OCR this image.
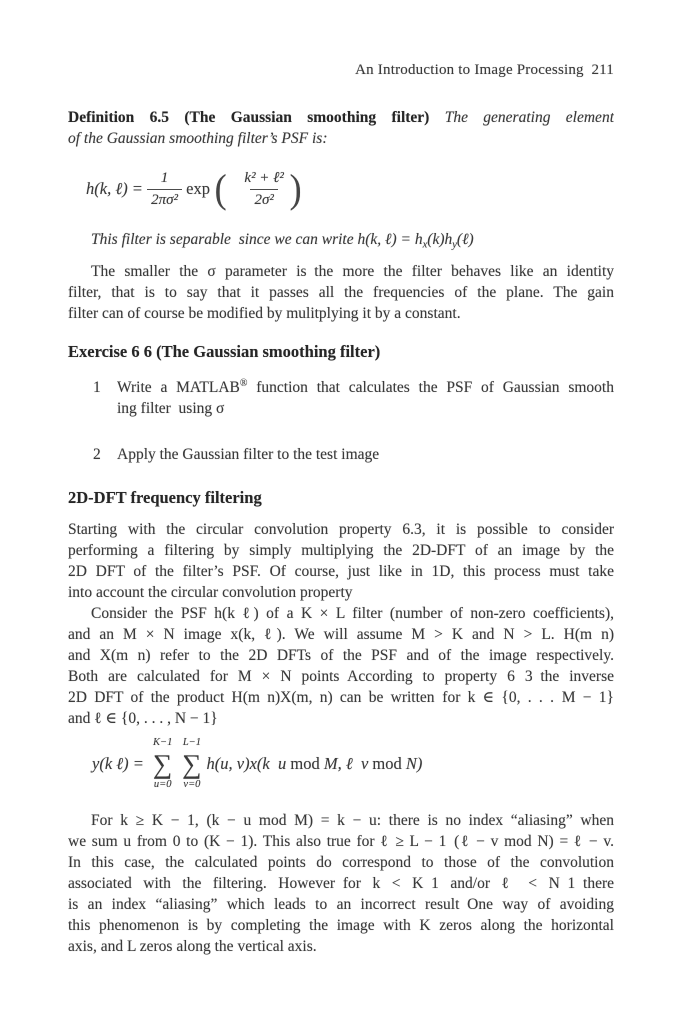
An Introduction to Image Processing 211
Definition 6.5 (The Gaussian smoothing filter) The generating element
of the Gaussian smoothing filter’s PSF is:
h(k, ℓ) = $\frac{1}{\text{2πσ²}}$ exp ( $\frac{\text{k² + ℓ²}}{\text{2σ²}}$ )
This filter is separable since we can write h(k, ℓ) = $h_x(k)h_y(\ell)$
The smaller the σ parameter is the more the filter behaves like an identity
filter, that is to say that it passes all the frequencies of the plane. The gain
filter can of course be modified by mulitplying it by a constant.
Exercise 6 6 (The Gaussian smoothing filter)
1	Write a MATLAB® function that calculates the PSF of Gaussian smooth
ing filter using σ
2	Apply the Gaussian filter to the test image
2D-DFT frequency filtering
Starting with the circular convolution property 6.3, it is possible to consider
performing a filtering by simply multiplying the 2D-DFT of an image by the
2D DFT of the filter’s PSF. Of course, just like in 1D, this process must take
into account the circular convolution property
Consider the PSF h(k ℓ) of a K × L filter (number of non-zero coefficients),
and an M × N image x(k, ℓ). We will assume M > K and N > L. H(m n)
and X(m n) refer to the 2D DFTs of the PSF and of the image respectively.
Both are calculated for M × N points According to property 6 3 the inverse
2D DFT of the product H(m n)X(m, n) can be written for k ∈ {0, . . . M − 1}
and ℓ ∈ {0, . . . , N − 1}
y(k ℓ) =
K−1
∑
u=0
L−1
∑
v=0
h(u, v)x(k u mod M, ℓ v mod N)
For k ≥ K − 1, (k − u mod M) = k − u: there is no index “aliasing” when
we sum u from 0 to (K − 1). This also true for ℓ ≥ L − 1 (ℓ − v mod N) = ℓ − v.
In this case, the calculated points do correspond to those of the convolution
associated with the filtering. However for k < K 1 and/or ℓ < N 1 there
is an index “aliasing” which leads to an incorrect result One way of avoiding
this phenomenon is by completing the image with K zeros along the horizontal
axis, and L zeros along the vertical axis.
